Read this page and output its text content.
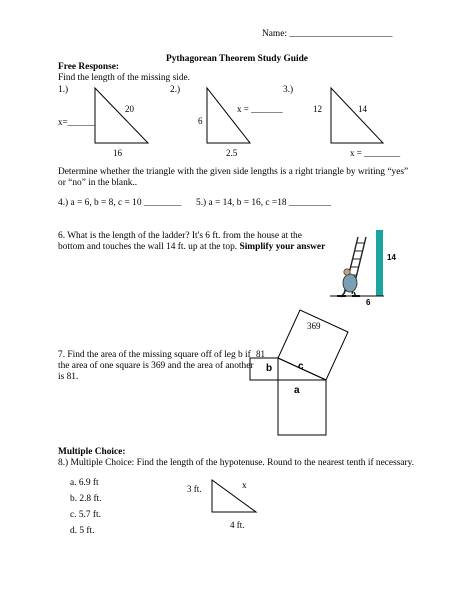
Name: ______________________
Pythagorean Theorem Study Guide
Free Response:
Find the length of the missing side.
1.)
20
x=______
16
2.)
x = _______
6
2.5
3.)
12	14
x = ________
Determine whether the triangle with the given side lengths is a right triangle by writing “yes” or “no” in the blank..
4.) a = 6, b = 8, c = 10 ________ 5.) a = 14, b = 16, c =18 _________
6. What is the length of the ladder? It's 6 ft. from the house at the bottom and touches the wall 14 ft. up at the top. Simplify your answer
14
6
7. Find the area of the missing square off of leg b if the area of one square is 369 and the area of another is 81.
369
81
b	c
a
Multiple Choice:
8.) Multiple Choice: Find the length of the hypotenuse. Round to the nearest tenth if necessary.
a. 6.9 ft
b. 2.8 ft.
c. 5.7 ft.
d. 5 ft.
3 ft.	x
4 ft.
